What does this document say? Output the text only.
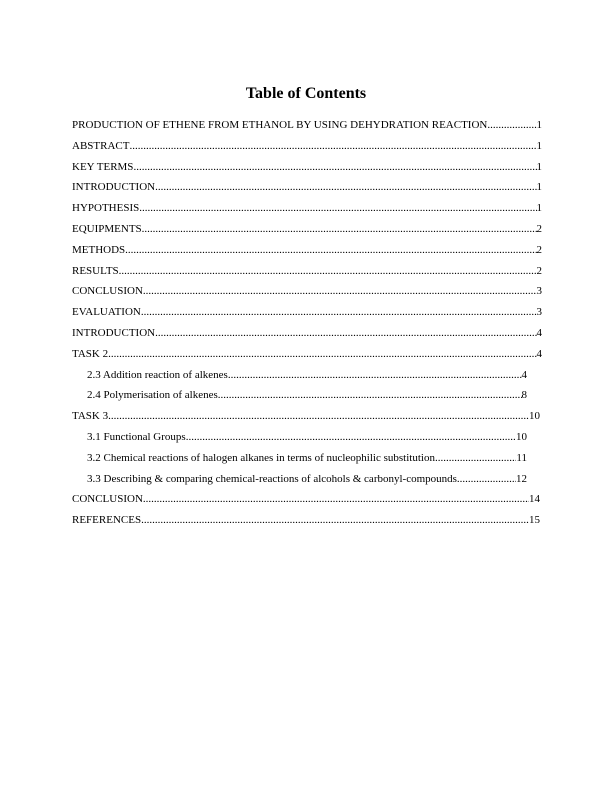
Table of Contents
PRODUCTION OF ETHENE FROM ETHANOL BY USING DEHYDRATION REACTION .....	1
ABSTRACT .....	1
KEY TERMS .....	1
INTRODUCTION .....	1
HYPOTHESIS .....	1
EQUIPMENTS .....	2
METHODS .....	2
RESULTS .....	2
CONCLUSION .....	3
EVALUATION .....	3
INTRODUCTION .....	4
TASK 2 .....	4
2.3 Addition reaction of alkenes .....	4
2.4 Polymerisation of alkenes .....	8
TASK 3 .....	10
3.1 Functional Groups .....	10
3.2 Chemical reactions of halogen alkanes in terms of nucleophilic substitution .....	11
3.3 Describing & comparing chemical-reactions of alcohols & carbonyl-compounds .....	12
CONCLUSION .....	14
REFERENCES .....	15
